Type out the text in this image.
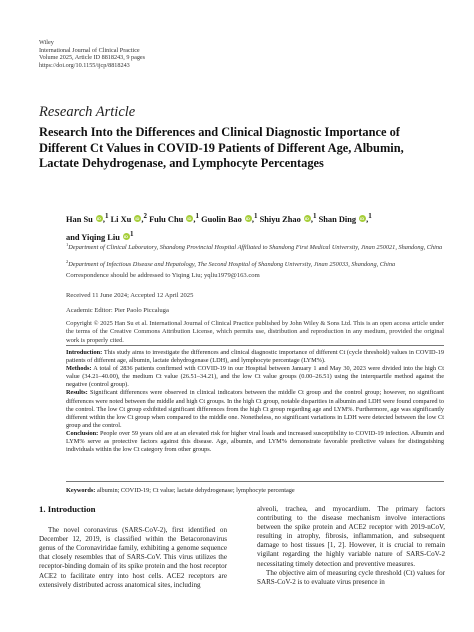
Wiley
International Journal of Clinical Practice
Volume 2025, Article ID 8818243, 9 pages
https://doi.org/10.1155/ijcp/8818243
Research Article
Research Into the Differences and Clinical Diagnostic Importance of Different Ct Values in COVID-19 Patients of Different Age, Albumin, Lactate Dehydrogenase, and Lymphocyte Percentages
Han Su iD ,$^1$ Li Xu iD ,$^2$ Fulu Chu iD ,$^1$ Guolin Bao iD ,$^1$ Shiyu Zhao iD ,$^1$ Shan Ding iD ,$^1$ and Yiqing Liu iD $^1$
$^1$Department of Clinical Laboratory, Shandong Provincial Hospital Affiliated to Shandong First Medical University, Jinan 250021, Shandong, China
$^2$Department of Infectious Disease and Hepatology, The Second Hospital of Shandong University, Jinan 250033, Shandong, China
Correspondence should be addressed to Yiqing Liu; yqliu1979@163.com
Received 11 June 2024; Accepted 12 April 2025
Academic Editor: Pier Paolo Piccaluga
Copyright © 2025 Han Su et al. International Journal of Clinical Practice published by John Wiley & Sons Ltd. This is an open access article under the terms of the Creative Commons Attribution License, which permits use, distribution and reproduction in any medium, provided the original work is properly cited.

Introduction: This study aims to investigate the differences and clinical diagnostic importance of different Ct (cycle threshold) values in COVID-19 patients of different age, albumin, lactate dehydrogenase (LDH), and lymphocyte percentage (LYM%).

Methods: A total of 2836 patients confirmed with COVID-19 in our Hospital between January 1 and May 30, 2023 were divided into the high Ct value (34.21–40.00), the medium Ct value (26.51–34.21), and the low Ct value groups (0.00–26.51) using the interquartile method against the negative (control group).

Results: Significant differences were observed in clinical indicators between the middle Ct group and the control group; however, no significant differences were noted between the middle and high Ct groups. In the high Ct group, notable disparities in albumin and LDH were found compared to the control. The low Ct group exhibited significant differences from the high Ct group regarding age and LYM%. Furthermore, age was significantly different within the low Ct group when compared to the middle one. Nonetheless, no significant variations in LDH were detected between the low Ct group and the control.

Conclusion: People over 59 years old are at an elevated risk for higher viral loads and increased susceptibility to COVID-19 infection. Albumin and LYM% serve as protective factors against this disease. Age, albumin, and LYM% demonstrate favorable predictive values for distinguishing individuals within the low Ct category from other groups.

Keywords: albumin; COVID-19; Ct value; lactate dehydrogenase; lymphocyte percentage
1. Introduction

The novel coronavirus (SARS-CoV-2), first identified on December 12, 2019, is classified within the Betacoronavirus genus of the Coronaviridae family, exhibiting a genome sequence that closely resembles that of SARS-CoV. This virus utilizes the receptor-binding domain of its spike protein and the host receptor ACE2 to facilitate entry into host cells. ACE2 receptors are extensively distributed across anatomical sites, including

alveoli, trachea, and myocardium. The primary factors contributing to the disease mechanism involve interactions between the spike protein and ACE2 receptor with 2019-nCoV, resulting in atrophy, fibrosis, inflammation, and subsequent damage to host tissues [1, 2]. However, it is crucial to remain vigilant regarding the highly variable nature of SARS-CoV-2 necessitating timely detection and preventive measures.

The objective aim of measuring cycle threshold (Ct) values for SARS-CoV-2 is to evaluate virus presence in
